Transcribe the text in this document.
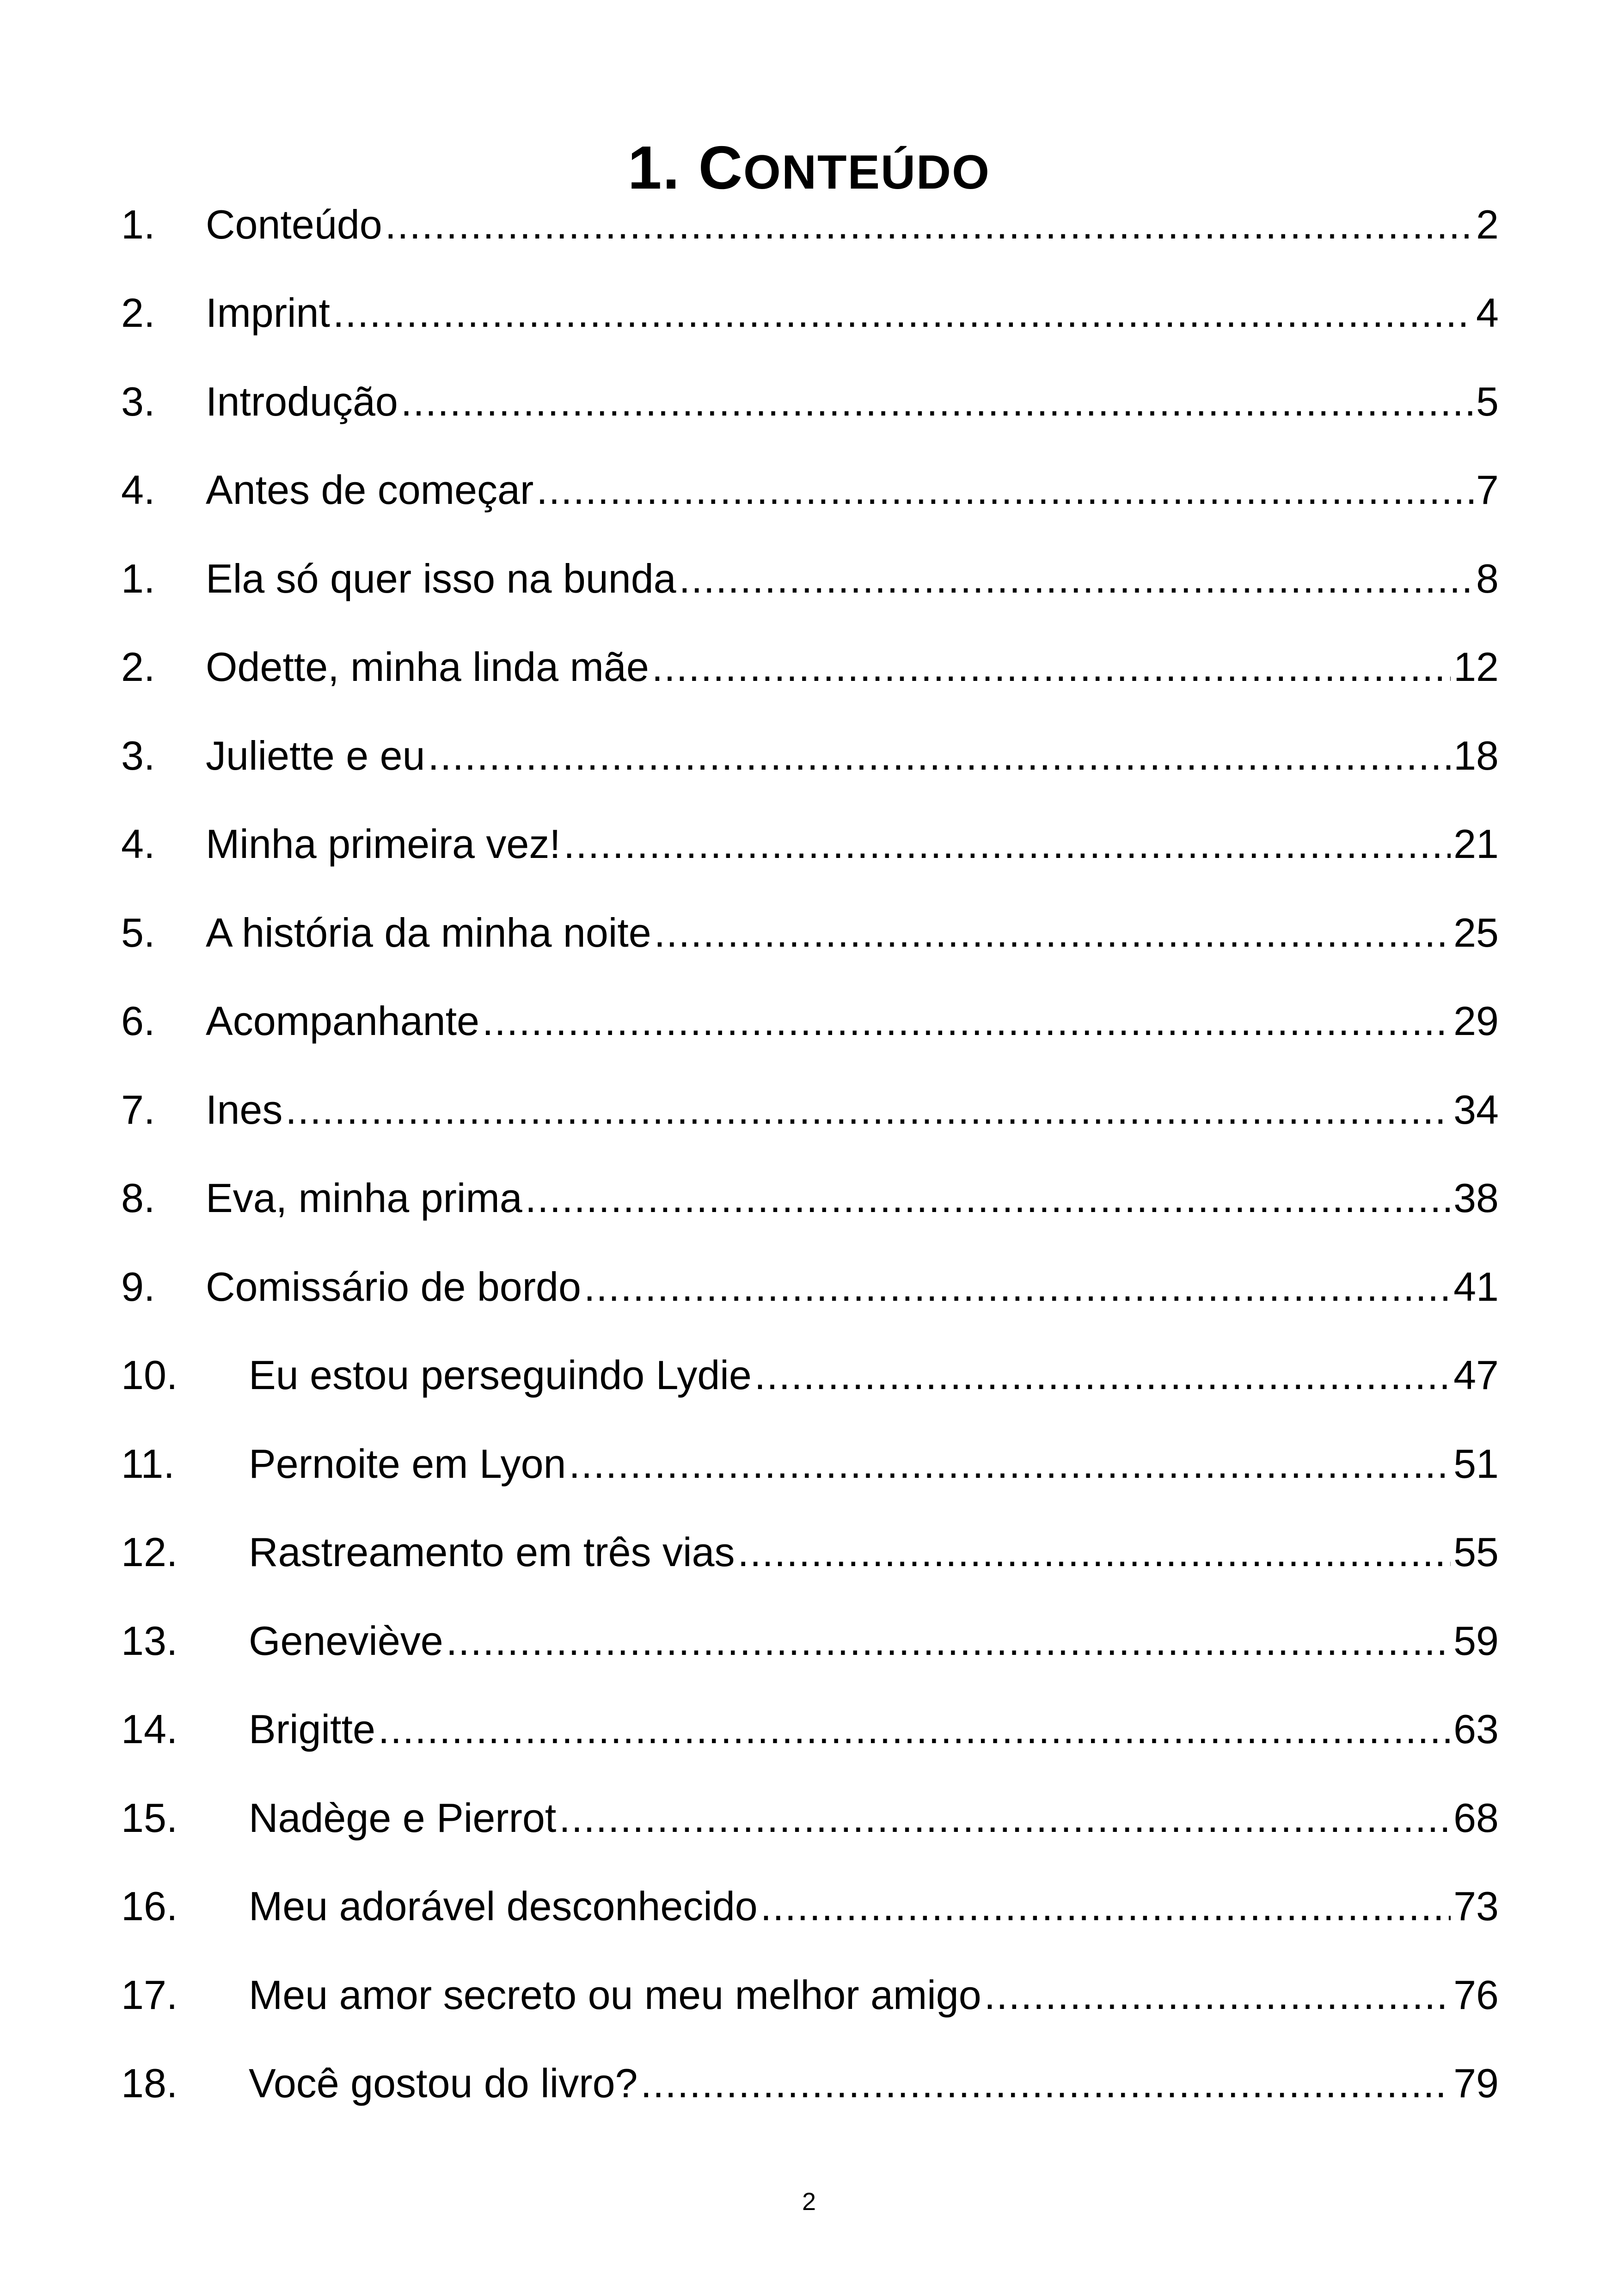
1. CONTEÚDO
1.	Conteúdo .....	2
2.	Imprint .....	4
3.	Introdução .....	5
4.	Antes de começar .....	7
1.	Ela só quer isso na bunda .....	8
2.	Odette, minha linda mãe .....	12
3.	Juliette e eu .....	18
4.	Minha primeira vez! .....	21
5.	A história da minha noite .....	25
6.	Acompanhante .....	29
7.	Ines .....	34
8.	Eva, minha prima .....	38
9.	Comissário de bordo .....	41
10.	Eu estou perseguindo Lydie .....	47
11.	Pernoite em Lyon .....	51
12.	Rastreamento em três vias .....	55
13.	Geneviève .....	59
14.	Brigitte .....	63
15.	Nadège e Pierrot .....	68
16.	Meu adorável desconhecido .....	73
17.	Meu amor secreto ou meu melhor amigo .....	76
18.	Você gostou do livro? .....	79
2
